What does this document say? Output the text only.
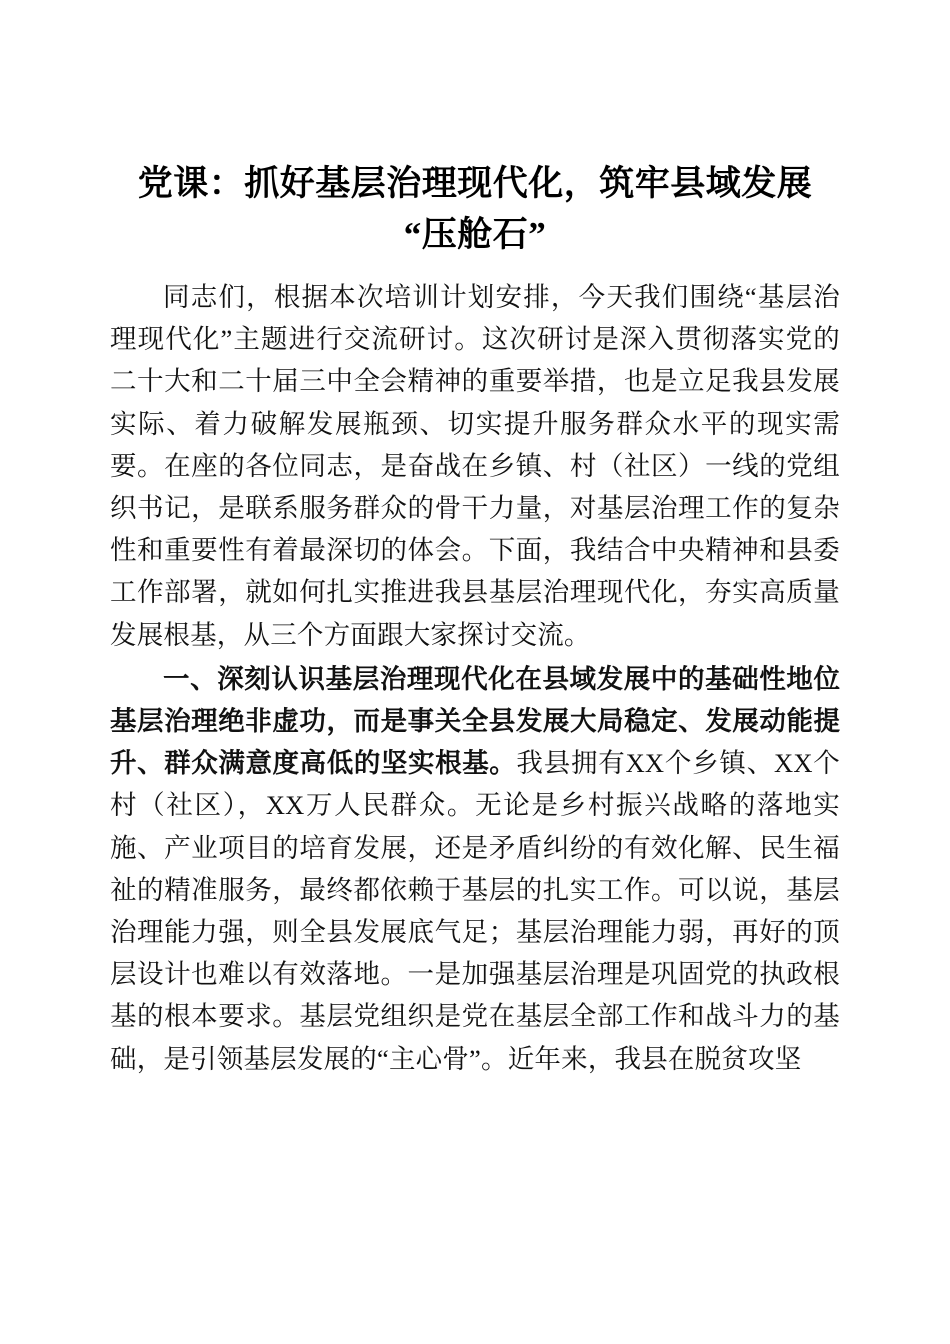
党课：抓好基层治理现代化，筑牢县域发展
“压舱石”

同志们，根据本次培训计划安排，今天我们围绕“基层治理现代化”主题进行交流研讨。这次研讨是深入贯彻落实党的二十大和二十届三中全会精神的重要举措，也是立足我县发展实际、着力破解发展瓶颈、切实提升服务群众水平的现实需要。在座的各位同志，是奋战在乡镇、村（社区）一线的党组织书记，是联系服务群众的骨干力量，对基层治理工作的复杂性和重要性有着最深切的体会。下面，我结合中央精神和县委工作部署，就如何扎实推进我县基层治理现代化，夯实高质量发展根基，从三个方面跟大家探讨交流。

一、深刻认识基层治理现代化在县域发展中的基础性地位基层治理绝非虚功，而是事关全县发展大局稳定、发展动能提升、群众满意度高低的坚实根基。我县拥有XX个乡镇、XX个村（社区），XX万人民群众。无论是乡村振兴战略的落地实施、产业项目的培育发展，还是矛盾纠纷的有效化解、民生福祉的精准服务，最终都依赖于基层的扎实工作。可以说，基层治理能力强，则全县发展底气足；基层治理能力弱，再好的顶层设计也难以有效落地。一是加强基层治理是巩固党的执政根基的根本要求。基层党组织是党在基层全部工作和战斗力的基础，是引领基层发展的“主心骨”。近年来，我县在脱贫攻坚
